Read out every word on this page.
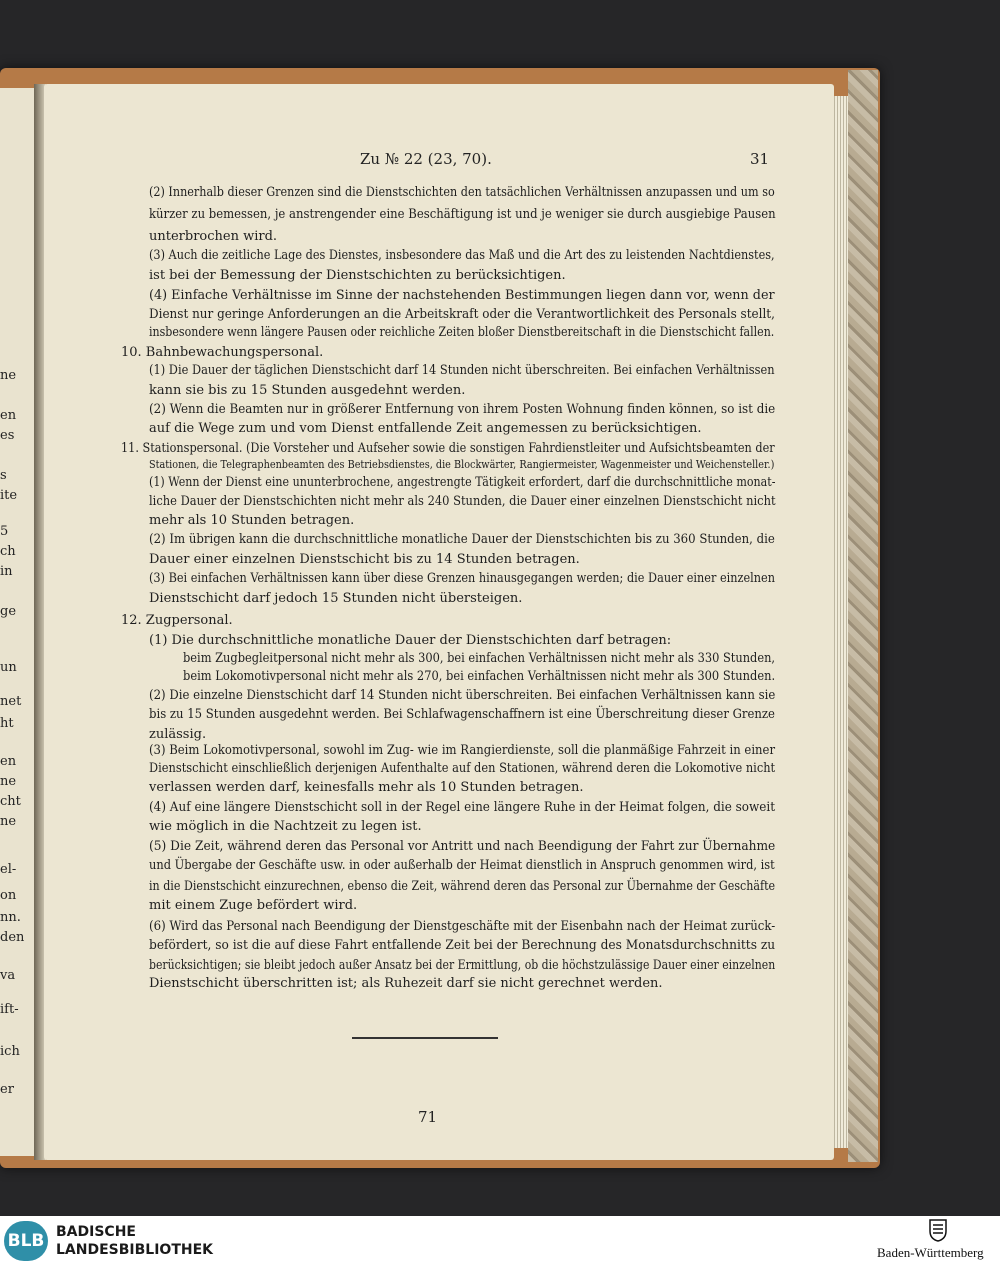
ne
en
es
s
ite
5
ch
in
ge
un
net
ht
en
ne
cht
ne
el-
on
nn.
den
va
ift-
ich
er
Zu № 22 (23, 70).	31
(2) Innerhalb dieser Grenzen sind die Dienstschichten den tatsächlichen Verhältnissen anzupassen und um so
kürzer zu bemessen, je anstrengender eine Beschäftigung ist und je weniger sie durch ausgiebige Pausen
unterbrochen wird.
(3) Auch die zeitliche Lage des Dienstes, insbesondere das Maß und die Art des zu leistenden Nachtdienstes,
ist bei der Bemessung der Dienstschichten zu berücksichtigen.
(4) Einfache Verhältnisse im Sinne der nachstehenden Bestimmungen liegen dann vor, wenn der
Dienst nur geringe Anforderungen an die Arbeitskraft oder die Verantwortlichkeit des Personals stellt,
insbesondere wenn längere Pausen oder reichliche Zeiten bloßer Dienstbereitschaft in die Dienstschicht fallen.
10. Bahnbewachungspersonal.
(1) Die Dauer der täglichen Dienstschicht darf 14 Stunden nicht überschreiten. Bei einfachen Verhältnissen
kann sie bis zu 15 Stunden ausgedehnt werden.
(2) Wenn die Beamten nur in größerer Entfernung von ihrem Posten Wohnung finden können, so ist die
auf die Wege zum und vom Dienst entfallende Zeit angemessen zu berücksichtigen.
11. Stationspersonal. (Die Vorsteher und Aufseher sowie die sonstigen Fahrdienstleiter und Aufsichtsbeamten der
Stationen, die Telegraphenbeamten des Betriebsdienstes, die Blockwärter, Rangiermeister, Wagenmeister und Weichensteller.)
(1) Wenn der Dienst eine ununterbrochene, angestrengte Tätigkeit erfordert, darf die durchschnittliche monat-
liche Dauer der Dienstschichten nicht mehr als 240 Stunden, die Dauer einer einzelnen Dienstschicht nicht
mehr als 10 Stunden betragen.
(2) Im übrigen kann die durchschnittliche monatliche Dauer der Dienstschichten bis zu 360 Stunden, die
Dauer einer einzelnen Dienstschicht bis zu 14 Stunden betragen.
(3) Bei einfachen Verhältnissen kann über diese Grenzen hinausgegangen werden; die Dauer einer einzelnen
Dienstschicht darf jedoch 15 Stunden nicht übersteigen.
12. Zugpersonal.
(1) Die durchschnittliche monatliche Dauer der Dienstschichten darf betragen:
beim Zugbegleitpersonal nicht mehr als 300, bei einfachen Verhältnissen nicht mehr als 330 Stunden,
beim Lokomotivpersonal nicht mehr als 270, bei einfachen Verhältnissen nicht mehr als 300 Stunden.
(2) Die einzelne Dienstschicht darf 14 Stunden nicht überschreiten. Bei einfachen Verhältnissen kann sie
bis zu 15 Stunden ausgedehnt werden. Bei Schlafwagenschaffnern ist eine Überschreitung dieser Grenze
zulässig.
(3) Beim Lokomotivpersonal, sowohl im Zug- wie im Rangierdienste, soll die planmäßige Fahrzeit in einer
Dienstschicht einschließlich derjenigen Aufenthalte auf den Stationen, während deren die Lokomotive nicht
verlassen werden darf, keinesfalls mehr als 10 Stunden betragen.
(4) Auf eine längere Dienstschicht soll in der Regel eine längere Ruhe in der Heimat folgen, die soweit
wie möglich in die Nachtzeit zu legen ist.
(5) Die Zeit, während deren das Personal vor Antritt und nach Beendigung der Fahrt zur Übernahme
und Übergabe der Geschäfte usw. in oder außerhalb der Heimat dienstlich in Anspruch genommen wird, ist
in die Dienstschicht einzurechnen, ebenso die Zeit, während deren das Personal zur Übernahme der Geschäfte
mit einem Zuge befördert wird.
(6) Wird das Personal nach Beendigung der Dienstgeschäfte mit der Eisenbahn nach der Heimat zurück-
befördert, so ist die auf diese Fahrt entfallende Zeit bei der Berechnung des Monatsdurchschnitts zu
berücksichtigen; sie bleibt jedoch außer Ansatz bei der Ermittlung, ob die höchstzulässige Dauer einer einzelnen
Dienstschicht überschritten ist; als Ruhezeit darf sie nicht gerechnet werden.
71
BLB BADISCHE
LANDESBIBLIOTHEK	Baden-Württemberg
